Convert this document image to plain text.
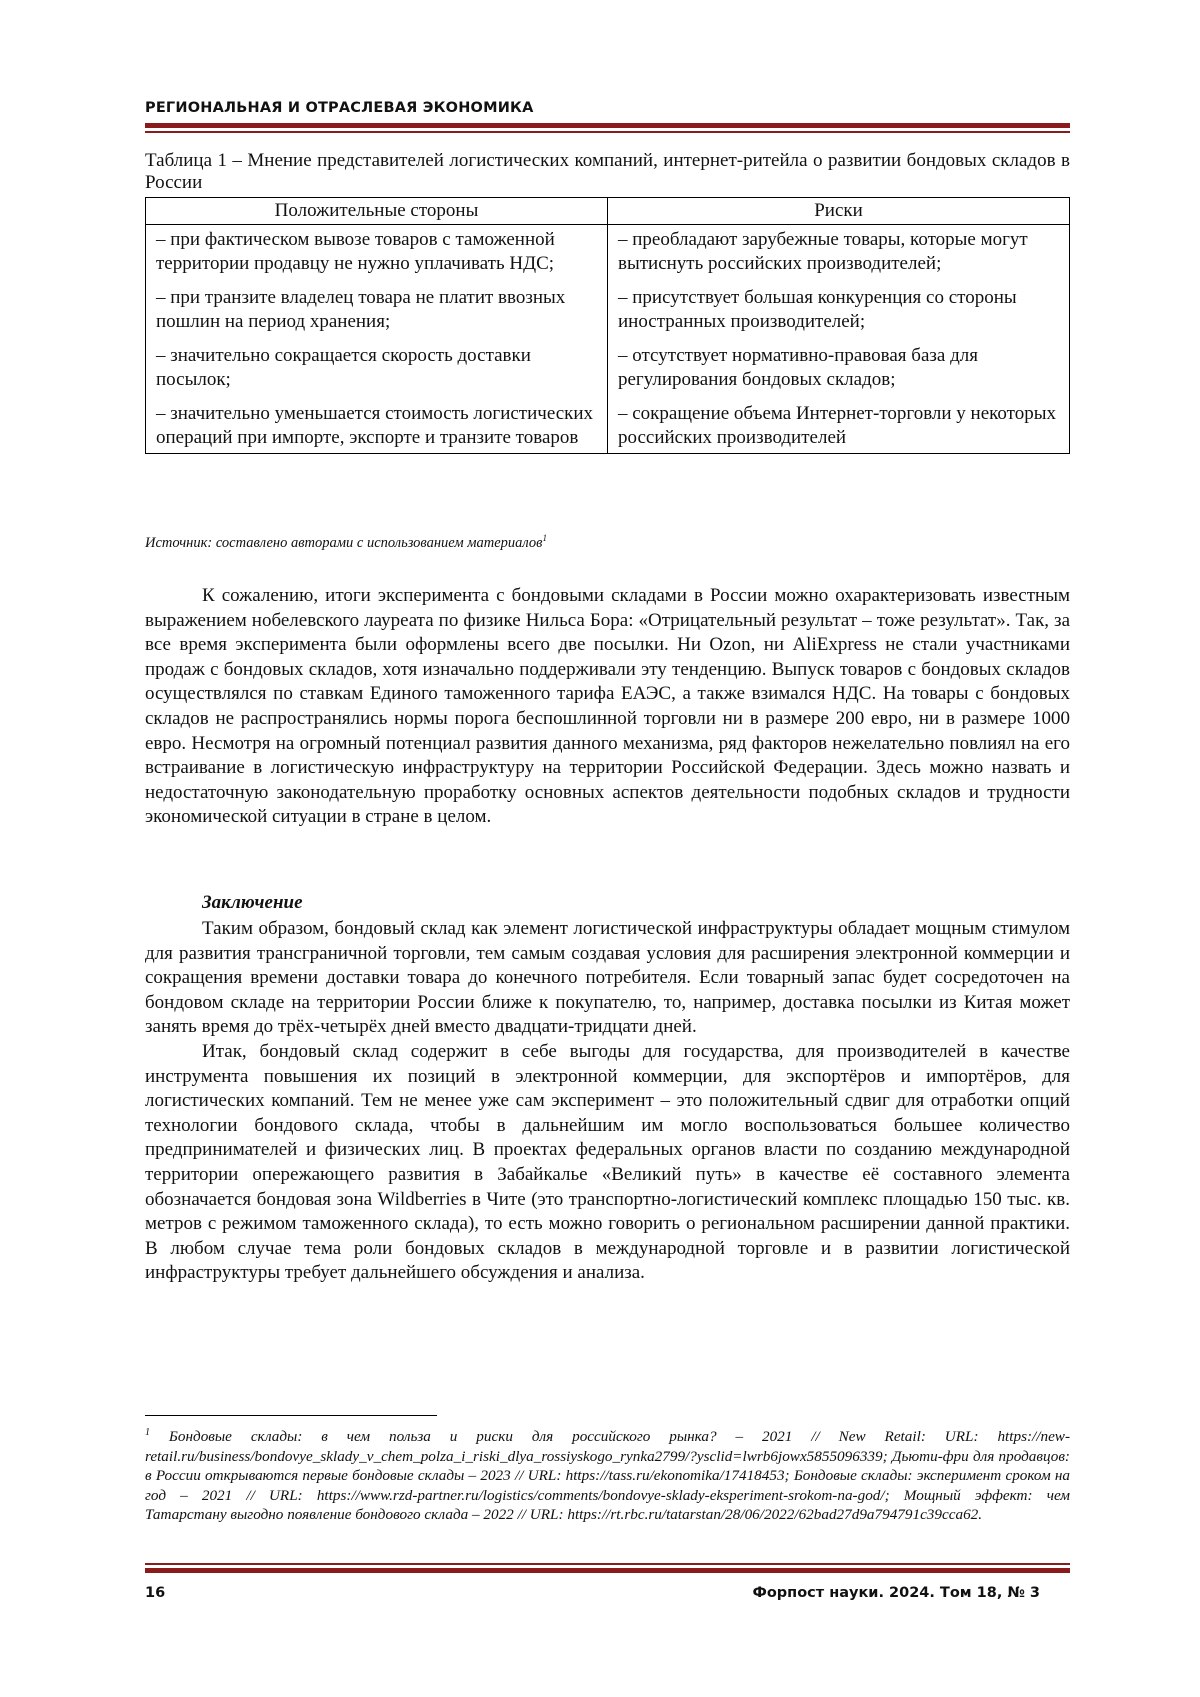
РЕГИОНАЛЬНАЯ И ОТРАСЛЕВАЯ ЭКОНОМИКА
Таблица 1 – Мнение представителей логистических компаний, интернет-ритейла о развитии бондовых складов в России
Положительные стороны	Риски
– при фактическом вывозе товаров с таможенной территории продавцу не нужно уплачивать НДС;	– преобладают зарубежные товары, которые могут вытиснуть российских производителей;
– при транзите владелец товара не платит ввозных пошлин на период хранения;	– присутствует большая конкуренция со стороны иностранных производителей;
– значительно сокращается скорость доставки посылок;	– отсутствует нормативно-правовая база для регулирования бондовых складов;
– значительно уменьшается стоимость логистических операций при импорте, экспорте и транзите товаров	– сокращение объема Интернет-торговли у некоторых российских производителей
Источник: составлено авторами с использованием материалов$^1$

К сожалению, итоги эксперимента с бондовыми складами в России можно охарактеризовать известным выражением нобелевского лауреата по физике Нильса Бора: «Отрицательный результат – тоже результат». Так, за все время эксперимента были оформлены всего две посылки. Ни Ozon, ни AliExpress не стали участниками продаж с бондовых складов, хотя изначально поддерживали эту тенденцию. Выпуск товаров с бондовых складов осуществлялся по ставкам Единого таможенного тарифа ЕАЭС, а также взимался НДС. На товары с бондовых складов не распространялись нормы порога беспошлинной торговли ни в размере 200 евро, ни в размере 1000 евро. Несмотря на огромный потенциал развития данного механизма, ряд факторов нежелательно повлиял на его встраивание в логистическую инфраструктуру на территории Российской Федерации. Здесь можно назвать и недостаточную законодательную проработку основных аспектов деятельности подобных складов и трудности экономической ситуации в стране в целом.

Заключение

Таким образом, бондовый склад как элемент логистической инфраструктуры обладает мощным стимулом для развития трансграничной торговли, тем самым создавая условия для расширения электронной коммерции и сокращения времени доставки товара до конечного потребителя. Если товарный запас будет сосредоточен на бондовом складе на территории России ближе к покупателю, то, например, доставка посылки из Китая может занять время до трёх-четырёх дней вместо двадцати-тридцати дней.

Итак, бондовый склад содержит в себе выгоды для государства, для производителей в качестве инструмента повышения их позиций в электронной коммерции, для экспортёров и импортёров, для логистических компаний. Тем не менее уже сам эксперимент – это положительный сдвиг для отработки опций технологии бондового склада, чтобы в дальнейшим им могло воспользоваться большее количество предпринимателей и физических лиц. В проектах федеральных органов власти по созданию международной территории опережающего развития в Забайкалье «Великий путь» в качестве её составного элемента обозначается бондовая зона Wildberries в Чите (это транспортно-логистический комплекс площадью 150 тыс. кв. метров с режимом таможенного склада), то есть можно говорить о региональном расширении данной практики. В любом случае тема роли бондовых складов в международной торговле и в развитии логистической инфраструктуры требует дальнейшего обсуждения и анализа.

$^1$ Бондовые склады: в чем польза и риски для российского рынка? – 2021 // New Retail: URL: https://new-retail.ru/business/bondovye_sklady_v_chem_polza_i_riski_dlya_rossiyskogo_rynka2799/?ysclid=lwrb6jowx5855096339; Дьюти-фри для продавцов: в России открываются первые бондовые склады – 2023 // URL: https://tass.ru/ekonomika/17418453; Бондовые склады: эксперимент сроком на год – 2021 // URL: https://www.rzd-partner.ru/logistics/comments/bondovye-sklady-eksperiment-srokom-na-god/; Мощный эффект: чем Татарстану выгодно появление бондового склада – 2022 // URL: https://rt.rbc.ru/tatarstan/28/06/2022/62bad27d9a794791c39cca62.
16	Форпост науки. 2024. Том 18, № 3
